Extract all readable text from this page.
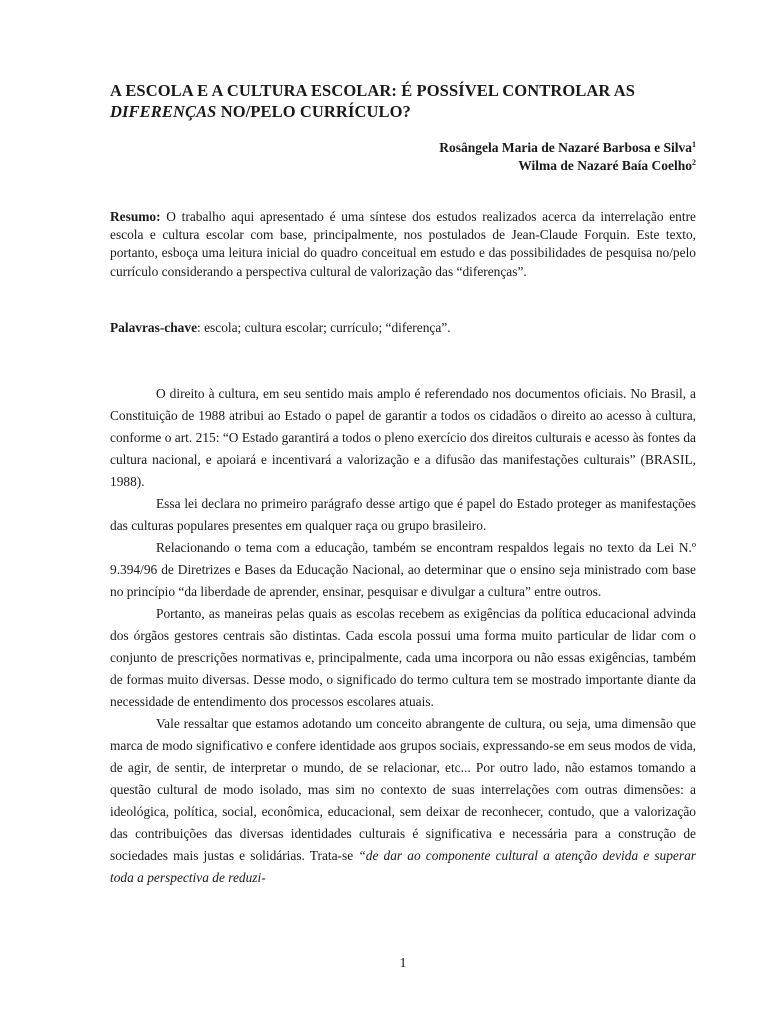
A ESCOLA E A CULTURA ESCOLAR: É POSSÍVEL CONTROLAR AS
DIFERENÇAS NO/PELO CURRÍCULO?
Rosângela Maria de Nazaré Barbosa e Silva$^1$
Wilma de Nazaré Baía Coelho$^2$
Resumo: O trabalho aqui apresentado é uma síntese dos estudos realizados acerca da interrelação entre escola e cultura escolar com base, principalmente, nos postulados de Jean-Claude Forquin. Este texto, portanto, esboça uma leitura inicial do quadro conceitual em estudo e das possibilidades de pesquisa no/pelo currículo considerando a perspectiva cultural de valorização das “diferenças”.
Palavras-chave: escola; cultura escolar; currículo; “diferença”.

O direito à cultura, em seu sentido mais amplo é referendado nos documentos oficiais. No Brasil, a Constituição de 1988 atribui ao Estado o papel de garantir a todos os cidadãos o direito ao acesso à cultura, conforme o art. 215: “O Estado garantirá a todos o pleno exercício dos direitos culturais e acesso às fontes da cultura nacional, e apoiará e incentivará a valorização e a difusão das manifestações culturais” (BRASIL, 1988).

Essa lei declara no primeiro parágrafo desse artigo que é papel do Estado proteger as manifestações das culturas populares presentes em qualquer raça ou grupo brasileiro.

Relacionando o tema com a educação, também se encontram respaldos legais no texto da Lei N.º 9.394/96 de Diretrizes e Bases da Educação Nacional, ao determinar que o ensino seja ministrado com base no princípio “da liberdade de aprender, ensinar, pesquisar e divulgar a cultura” entre outros.

Portanto, as maneiras pelas quais as escolas recebem as exigências da política educacional advinda dos órgãos gestores centrais são distintas. Cada escola possui uma forma muito particular de lidar com o conjunto de prescrições normativas e, principalmente, cada uma incorpora ou não essas exigências, também de formas muito diversas. Desse modo, o significado do termo cultura tem se mostrado importante diante da necessidade de entendimento dos processos escolares atuais.

Vale ressaltar que estamos adotando um conceito abrangente de cultura, ou seja, uma dimensão que marca de modo significativo e confere identidade aos grupos sociais, expressando-se em seus modos de vida, de agir, de sentir, de interpretar o mundo, de se relacionar, etc... Por outro lado, não estamos tomando a questão cultural de modo isolado, mas sim no contexto de suas interrelações com outras dimensões: a ideológica, política, social, econômica, educacional, sem deixar de reconhecer, contudo, que a valorização das contribuições das diversas identidades culturais é significativa e necessária para a construção de sociedades mais justas e solidárias. Trata-se “de dar ao componente cultural a atenção devida e superar toda a perspectiva de reduzi-

1
